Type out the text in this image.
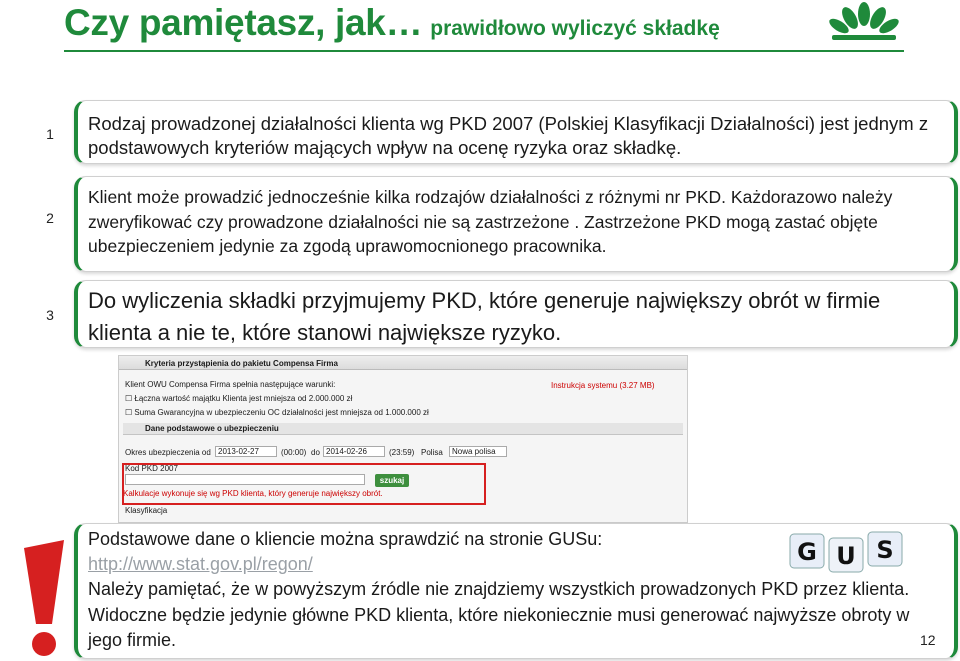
Czy pamiętasz, jak… prawidłowo wyliczyć składkę
1	Rodzaj prowadzonej działalności klienta wg PKD 2007 (Polskiej Klasyfikacji Działalności) jest jednym z podstawowych kryteriów mających wpływ na ocenę ryzyka oraz składkę.
2
Klient może prowadzić jednocześnie kilka rodzajów działalności z różnymi nr PKD. Każdorazowo należy zweryfikować czy prowadzone działalności nie są zastrzeżone . Zastrzeżone PKD mogą zastać objęte ubezpieczeniem jedynie za zgodą uprawomocnionego pracownika.
3
Do wyliczenia składki przyjmujemy PKD, które generuje największy obrót w firmie klienta a nie te, które stanowi największe ryzyko.
Kryteria przystąpienia do pakietu Compensa Firma
Klient OWU Compensa Firma spełnia następujące warunki:	Instrukcja systemu (3.27 MB)
☐ Łączna wartość majątku Klienta jest mniejsza od 2.000.000 zł
☐ Suma Gwarancyjna w ubezpieczeniu OC działalności jest mniejsza od 1.000.000 zł
Dane podstawowe o ubezpieczeniu
Okres ubezpieczenia od 2013-02-27	(00:00) do 2014-02-26	(23:59) Polisa	Nowa polisa
Kod PKD 2007
szukaj
Kalkulacje wykonuje się wg PKD klienta, który generuje największy obrót.
Klasyfikacja
Podstawowe dane o kliencie można sprawdzić na stronie GUSu:
http://www.stat.gov.pl/regon/
Należy pamiętać, że w powyższym źródle nie znajdziemy wszystkich prowadzonych PKD przez klienta. Widoczne będzie jedynie główne PKD klienta, które niekoniecznie musi generować najwyższe obroty w jego firmie.
G U S
12
